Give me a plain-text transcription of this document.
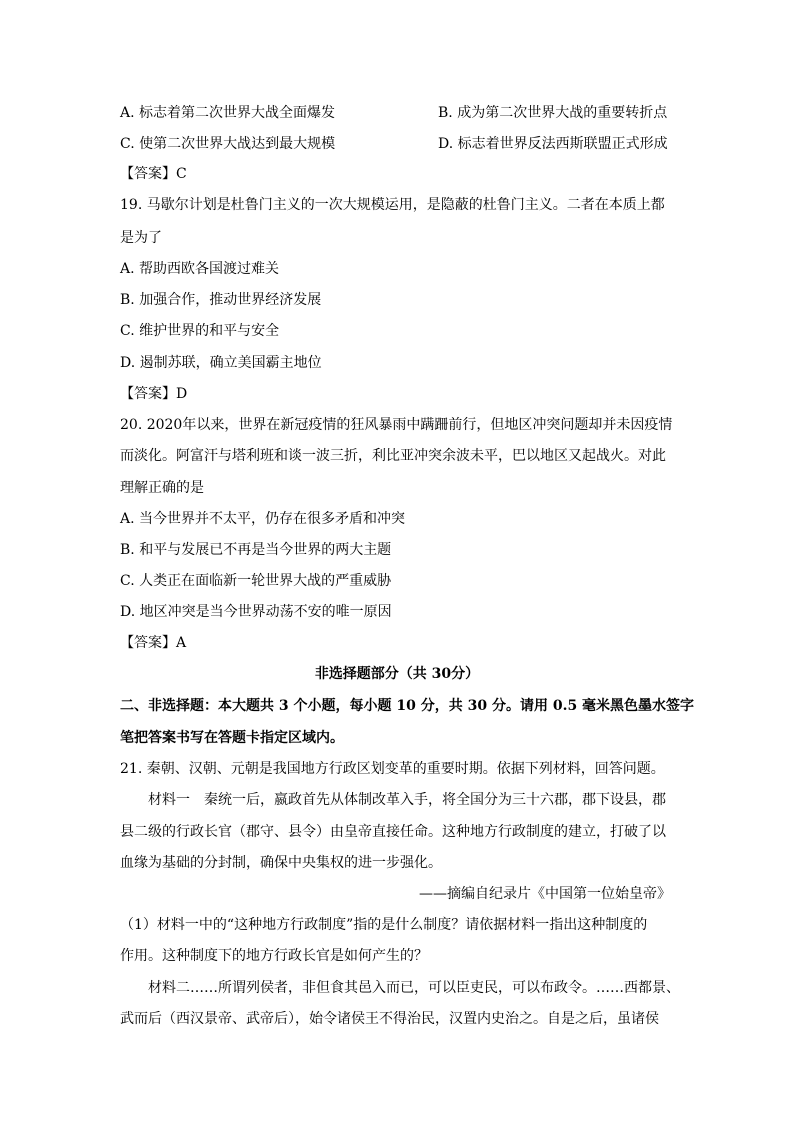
A. 标志着第二次世界大战全面爆发	B. 成为第二次世界大战的重要转折点
C. 使第二次世界大战达到最大规模	D. 标志着世界反法西斯联盟正式形成
【答案】C
19. 马歇尔计划是杜鲁门主义的一次大规模运用，是隐蔽的杜鲁门主义。二者在本质上都
是为了
A. 帮助西欧各国渡过难关
B. 加强合作，推动世界经济发展
C. 维护世界的和平与安全
D. 遏制苏联，确立美国霸主地位
【答案】D
20. 2020年以来，世界在新冠疫情的狂风暴雨中蹒跚前行，但地区冲突问题却并未因疫情
而淡化。阿富汗与塔利班和谈一波三折，利比亚冲突余波未平，巴以地区又起战火。对此
理解正确的是
A. 当今世界并不太平，仍存在很多矛盾和冲突
B. 和平与发展已不再是当今世界的两大主题
C. 人类正在面临新一轮世界大战的严重威胁
D. 地区冲突是当今世界动荡不安的唯一原因
【答案】A
非选择题部分（共 30分）
二、非选择题：本大题共 3 个小题，每小题 10 分，共 30 分。请用 0.5 毫米黑色墨水签字
笔把答案书写在答题卡指定区域内。
21. 秦朝、汉朝、元朝是我国地方行政区划变革的重要时期。依据下列材料，回答问题。
材料一　秦统一后，嬴政首先从体制改革入手，将全国分为三十六郡，郡下设县，郡
县二级的行政长官（郡守、县令）由皇帝直接任命。这种地方行政制度的建立，打破了以
血缘为基础的分封制，确保中央集权的进一步强化。
——摘编自纪录片《中国第一位始皇帝》
（1）材料一中的“这种地方行政制度”指的是什么制度？请依据材料一指出这种制度的
作用。这种制度下的地方行政长官是如何产生的？
材料二……所谓列侯者，非但食其邑入而已，可以臣吏民，可以布政令。……西都景、
武而后（西汉景帝、武帝后），始令诸侯王不得治民，汉置内史治之。自是之后，虽诸侯
